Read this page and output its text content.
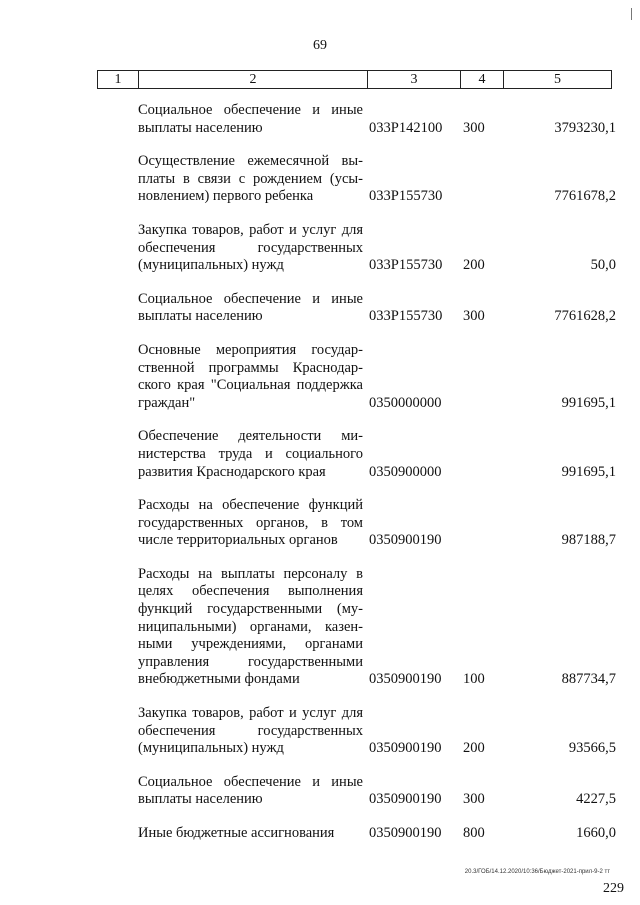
69
1	2	3	4	5
Социальное обеспечение и иные выплаты населению	033P142100	300	3793230,1

Осуществление ежемесячной выплаты в связи с рождением (усыновлением) первого ребенка	033P155730		7761678,2

Закупка товаров, работ и услуг для обеспечения государственных (муниципальных) нужд	033P155730	200	50,0

Социальное обеспечение и иные выплаты населению	033P155730	300	7761628,2

Основные мероприятия государственной программы Краснодарского края "Социальная поддержка граждан"	0350000000		991695,1

Обеспечение деятельности министерства труда и социального развития Краснодарского края	0350900000		991695,1

Расходы на обеспечение функций государственных органов, в том числе территориальных органов	0350900190		987188,7

Расходы на выплаты персоналу в целях обеспечения выполнения функций государственными (муниципальными) органами, казенными учреждениями, органами управления государственными внебюджетными фондами	0350900190	100	887734,7

Закупка товаров, работ и услуг для обеспечения государственных (муниципальных) нужд	0350900190	200	93566,5

Социальное обеспечение и иные выплаты населению	0350900190	300	4227,5

Иные бюджетные ассигнования	0350900190	800	1660,0
20.3/ГОБ/14.12.2020/10:36/Бюджет-2021-прил-9-2 тт
229
